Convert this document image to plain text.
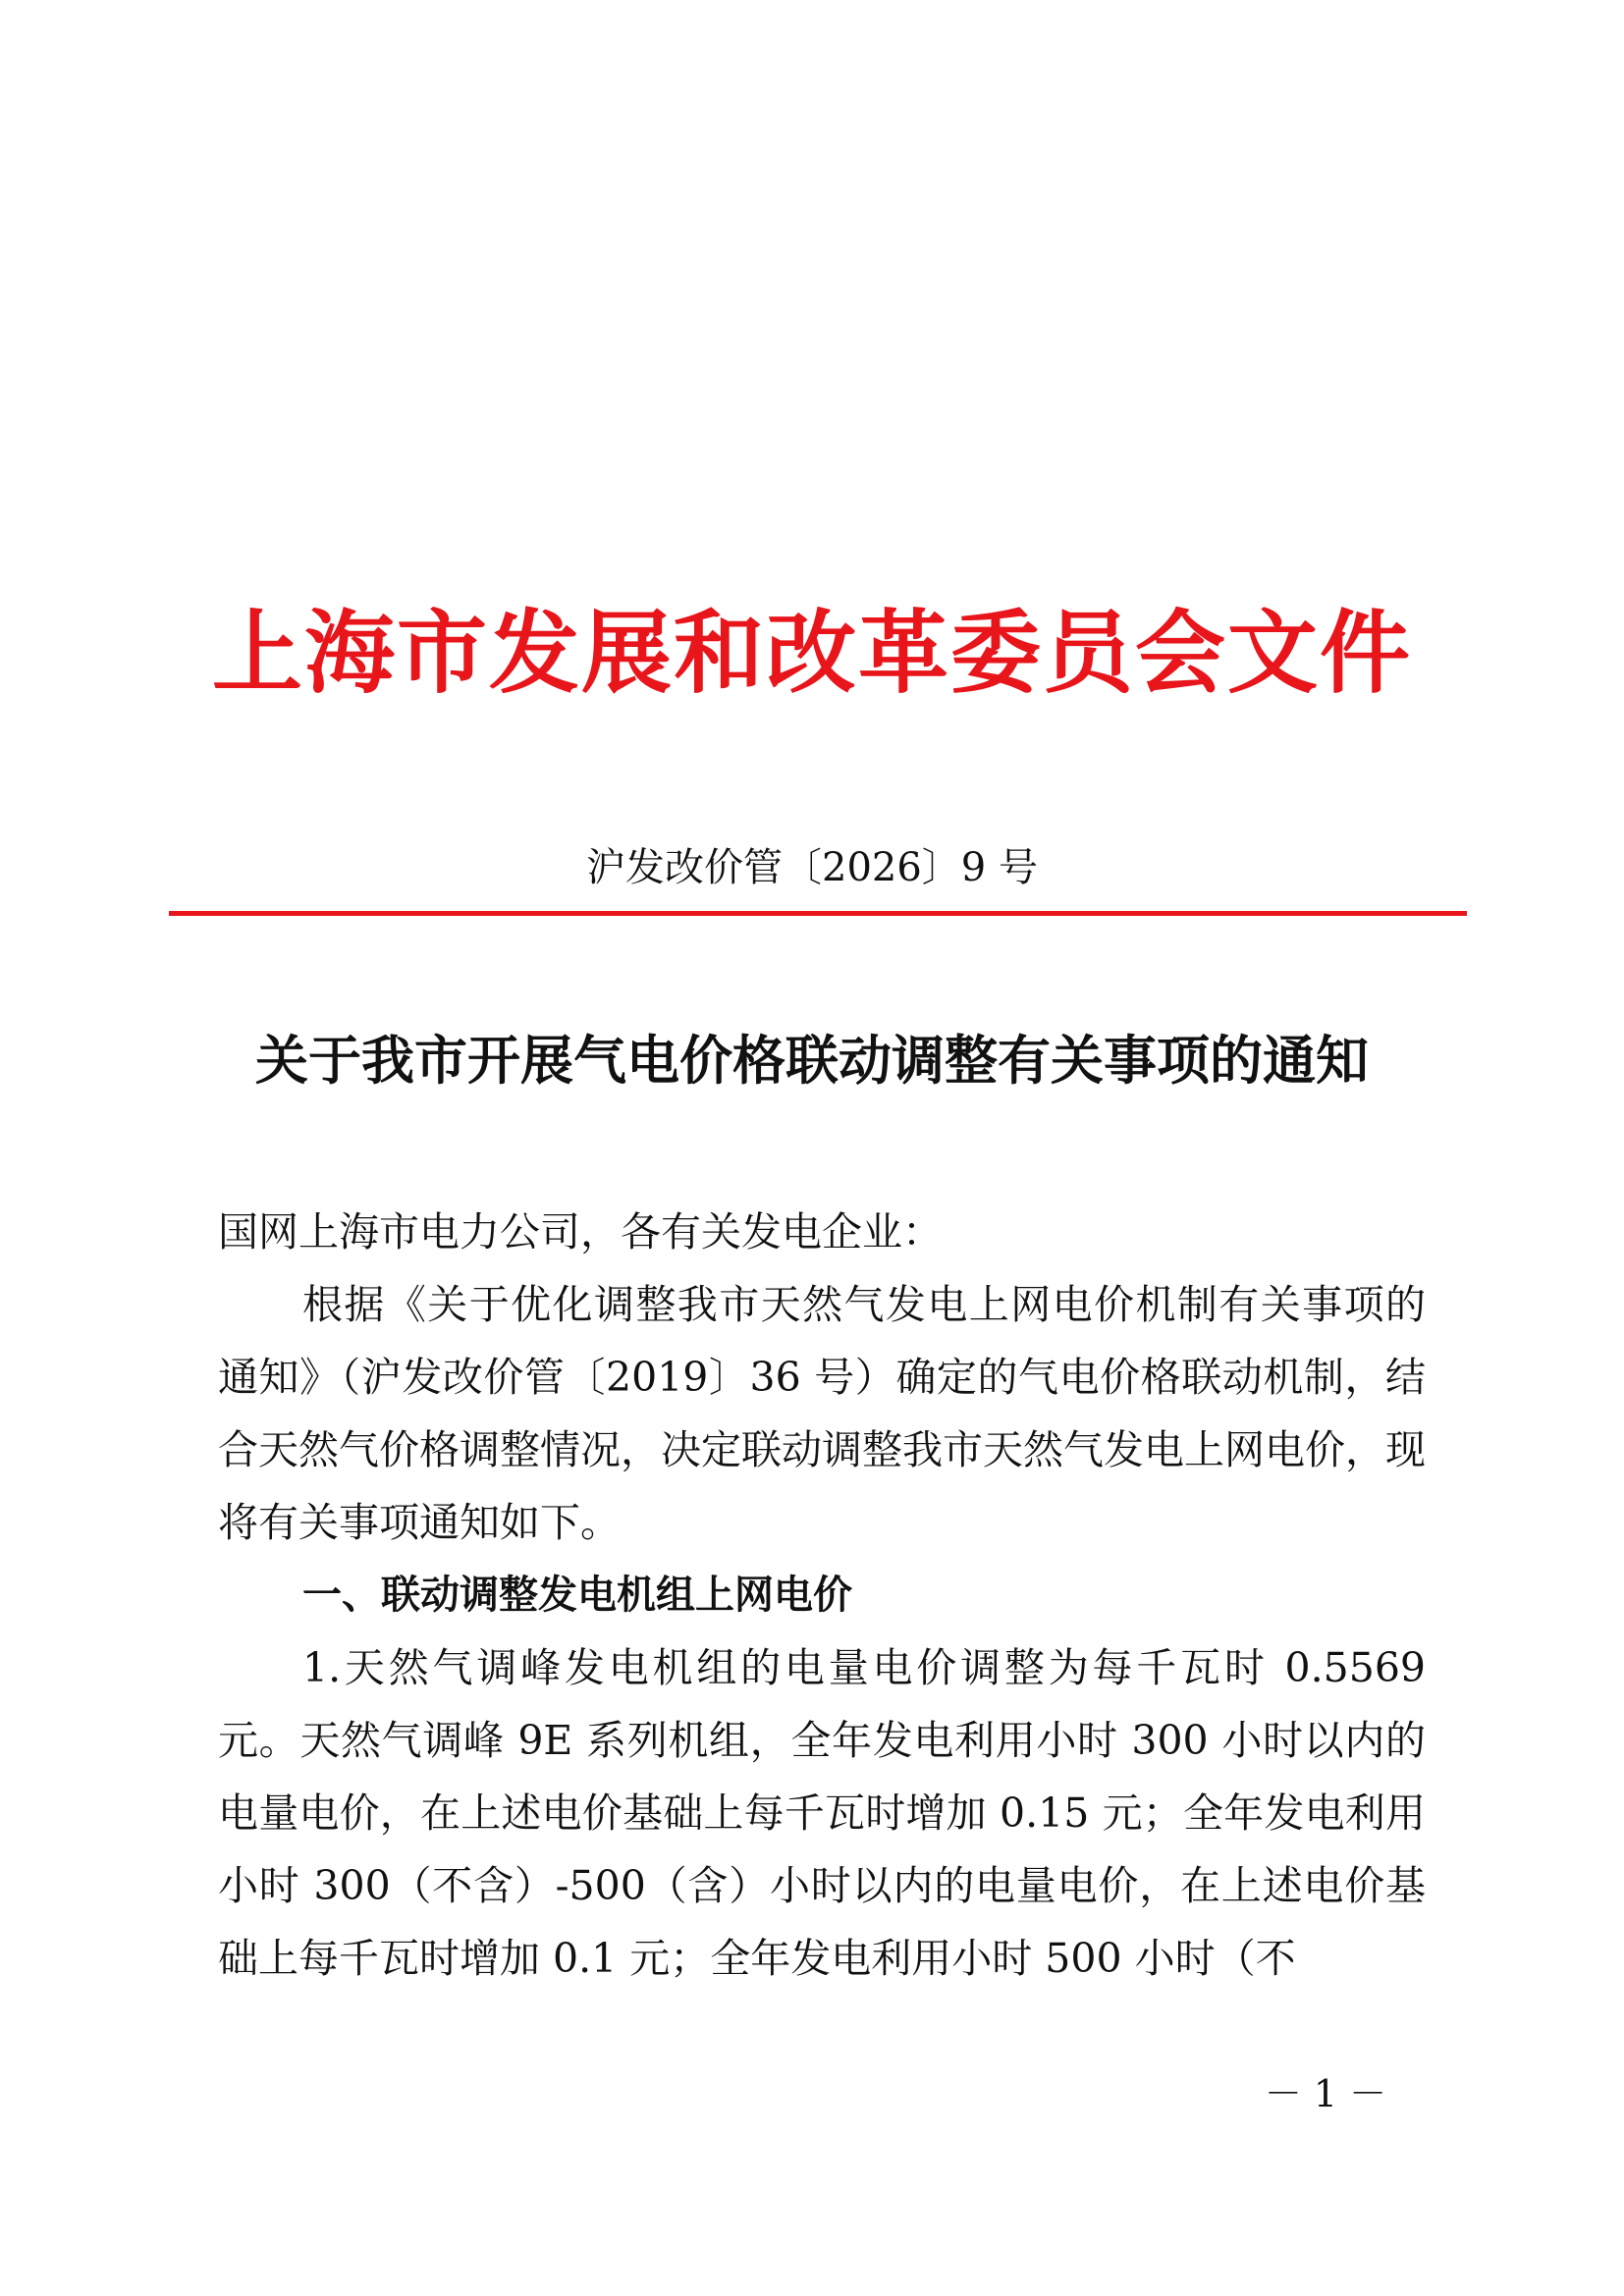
上海市发展和改革委员会文件
沪发改价管〔2026〕9 号
关于我市开展气电价格联动调整有关事项的通知

国网上海市电力公司，各有关发电企业：

根据《关于优化调整我市天然气发电上网电价机制有关事项的通知》（沪发改价管〔2019〕36 号）确定的气电价格联动机制，结合天然气价格调整情况，决定联动调整我市天然气发电上网电价，现将有关事项通知如下。

一、联动调整发电机组上网电价

1.天然气调峰发电机组的电量电价调整为每千瓦时 0.5569 元。天然气调峰 9E 系列机组，全年发电利用小时 300 小时以内的电量电价，在上述电价基础上每千瓦时增加 0.15 元；全年发电利用小时 300（不含）-500（含）小时以内的电量电价，在上述电价基础上每千瓦时增加 0.1 元；全年发电利用小时 500 小时（不

－ 1 －
